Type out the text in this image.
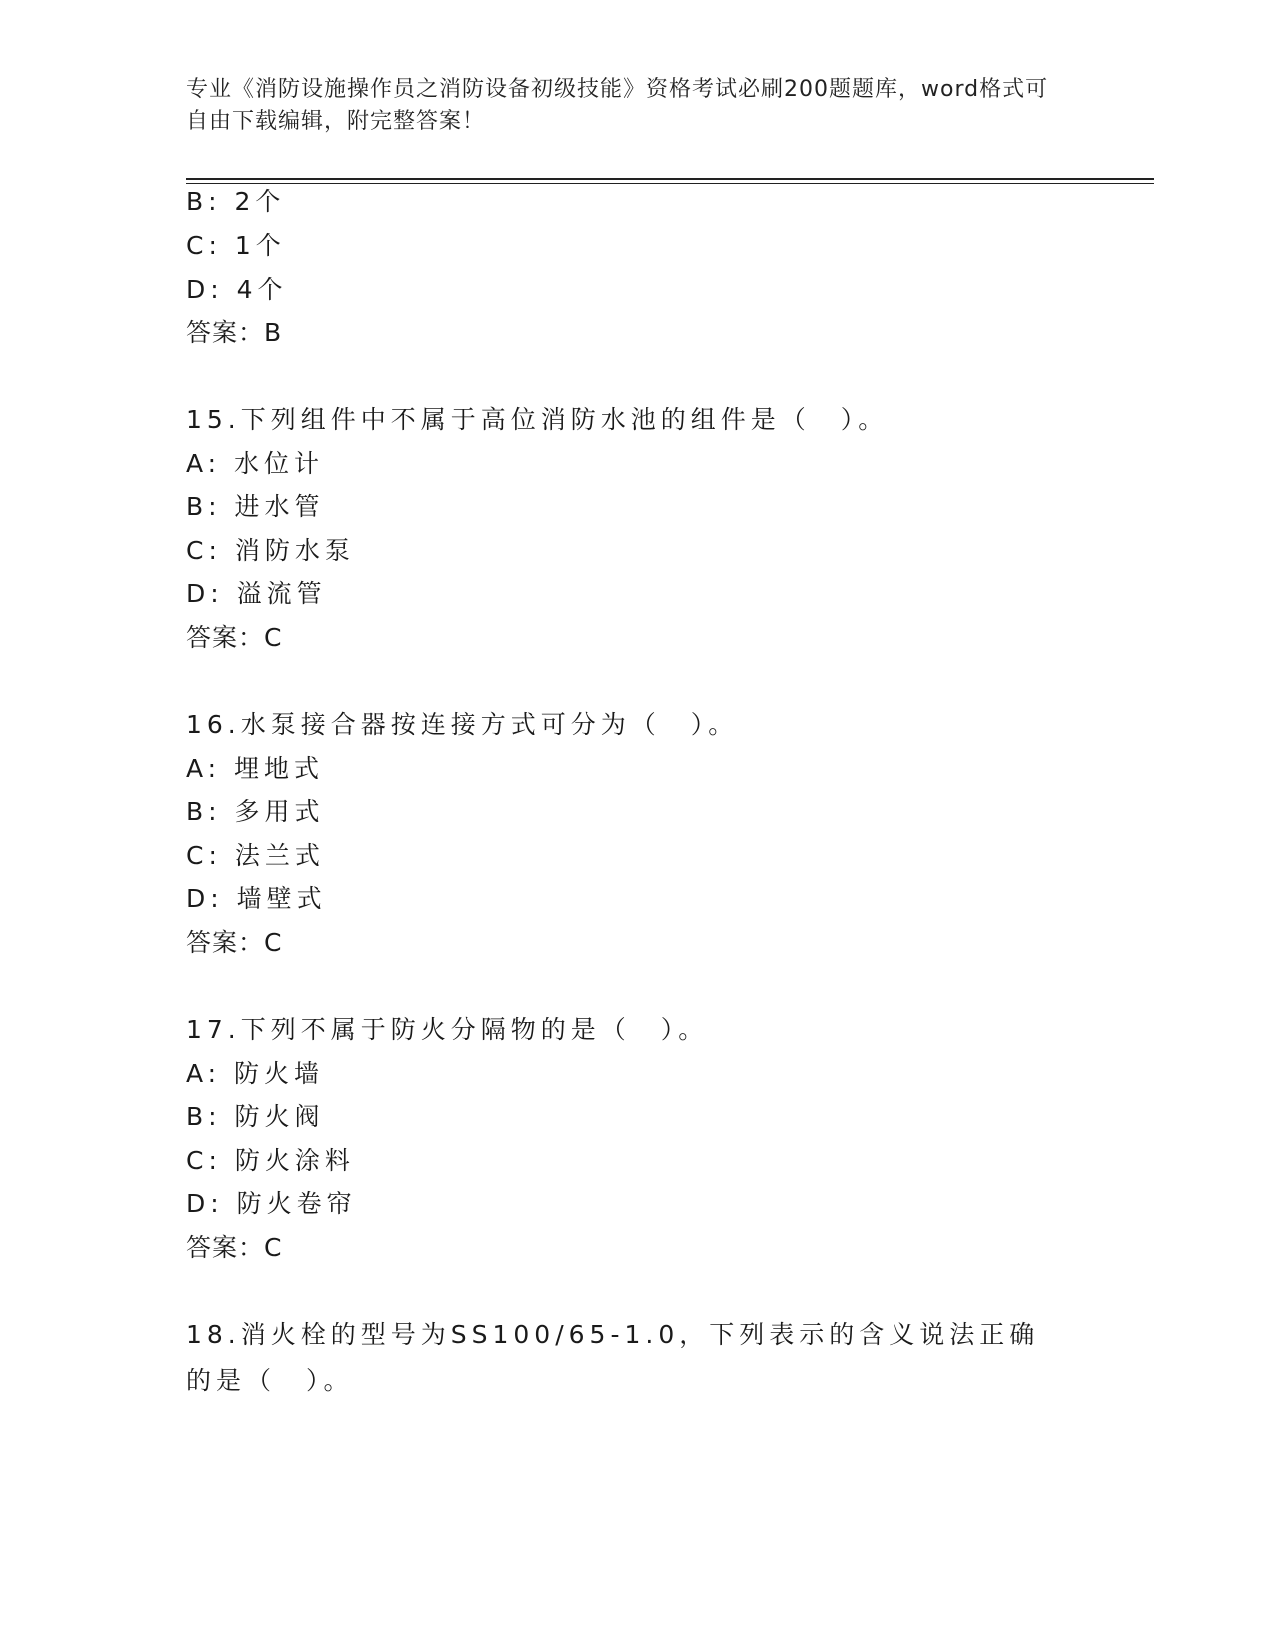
专业《消防设施操作员之消防设备初级技能》资格考试必刷200题题库，word格式可自由下载编辑，附完整答案！
B: 2个
C: 1个
D: 4个
答案：B
15.下列组件中不属于高位消防水池的组件是（　）。
A: 水位计
B: 进水管
C: 消防水泵
D: 溢流管
答案：C
16.水泵接合器按连接方式可分为（　）。
A: 埋地式
B: 多用式
C: 法兰式
D: 墙壁式
答案：C
17.下列不属于防火分隔物的是（　）。
A: 防火墙
B: 防火阀
C: 防火涂料
D: 防火卷帘
答案：C
18.消火栓的型号为SS100/65-1.0，下列表示的含义说法正确的是（　）。
